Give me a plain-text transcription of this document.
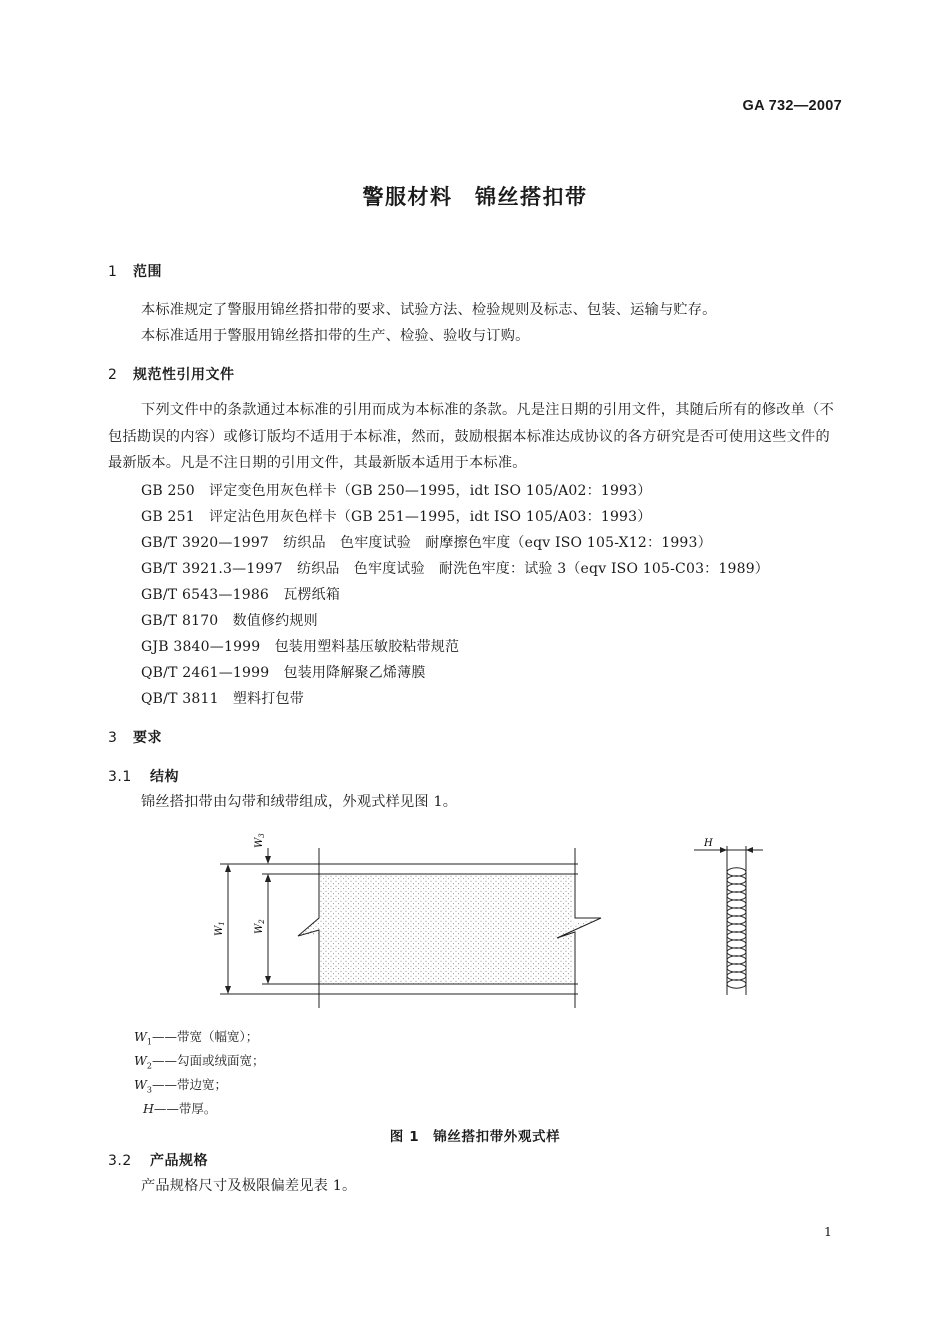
GA 732—2007
警服材料　锦丝搭扣带
1 范围
本标准规定了警服用锦丝搭扣带的要求、试验方法、检验规则及标志、包装、运输与贮存。
本标准适用于警服用锦丝搭扣带的生产、检验、验收与订购。
2 规范性引用文件
下列文件中的条款通过本标准的引用而成为本标准的条款。凡是注日期的引用文件，其随后所有的修改单（不包括勘误的内容）或修订版均不适用于本标准，然而，鼓励根据本标准达成协议的各方研究是否可使用这些文件的最新版本。凡是不注日期的引用文件，其最新版本适用于本标准。
GB 250　评定变色用灰色样卡（GB 250—1995，idt ISO 105/A02：1993）
GB 251　评定沾色用灰色样卡（GB 251—1995，idt ISO 105/A03：1993）
GB/T 3920—1997　纺织品　色牢度试验　耐摩擦色牢度（eqv ISO 105-X12：1993）
GB/T 3921.3—1997　纺织品　色牢度试验　耐洗色牢度：试验 3（eqv ISO 105-C03：1989）
GB/T 6543—1986　瓦楞纸箱
GB/T 8170　数值修约规则
GJB 3840—1999　包装用塑料基压敏胶粘带规范
QB/T 2461—1999　包装用降解聚乙烯薄膜
QB/T 3811　塑料打包带
3 要求
3.1 结构
锦丝搭扣带由勾带和绒带组成，外观式样见图 1。
$W_1$
$W_2$
$W_3$
H
$W_1——$带宽（幅宽）；
$W_2——$勾面或绒面宽；
$W_3——$带边宽；
H——带厚。
图 1　锦丝搭扣带外观式样
3.2 产品规格
产品规格尺寸及极限偏差见表 1。
1
